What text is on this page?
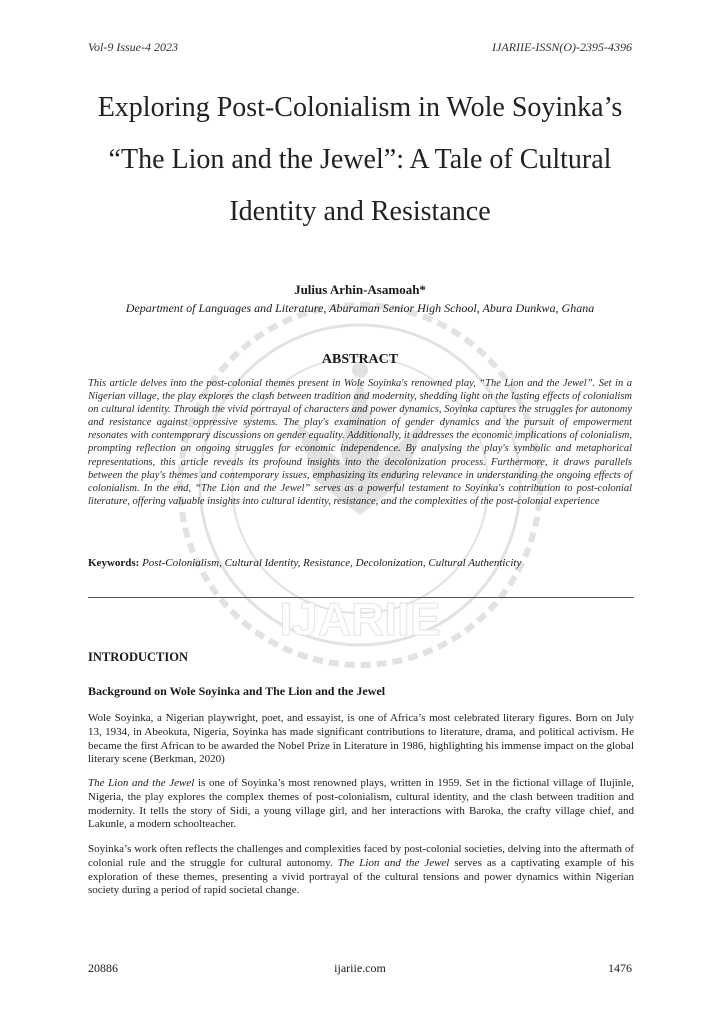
IJARIIE
Vol-9 Issue-4 2023	IJARIIE-ISSN(O)-2395-4396
Exploring Post-Colonialism in Wole Soyinka’s
“The Lion and the Jewel”: A Tale of Cultural
Identity and Resistance
Julius Arhin-Asamoah*
Department of Languages and Literature, Aburaman Senior High School, Abura Dunkwa, Ghana
ABSTRACT
This article delves into the post-colonial themes present in Wole Soyinka's renowned play, “The Lion and the Jewel”. Set in a Nigerian village, the play explores the clash between tradition and modernity, shedding light on the lasting effects of colonialism on cultural identity. Through the vivid portrayal of characters and power dynamics, Soyinka captures the struggles for autonomy and resistance against oppressive systems. The play's examination of gender dynamics and the pursuit of empowerment resonates with contemporary discussions on gender equality. Additionally, it addresses the economic implications of colonialism, prompting reflection on ongoing struggles for economic independence. By analysing the play's symbolic and metaphorical representations, this article reveals its profound insights into the decolonization process. Furthermore, it draws parallels between the play's themes and contemporary issues, emphasizing its enduring relevance in understanding the ongoing effects of colonialism. In the end, “The Lion and the Jewel” serves as a powerful testament to Soyinka's contribution to post-colonial literature, offering valuable insights into cultural identity, resistance, and the complexities of the post-colonial experience
Keywords: Post-Colonialism, Cultural Identity, Resistance, Decolonization, Cultural Authenticity
INTRODUCTION
Background on Wole Soyinka and The Lion and the Jewel
Wole Soyinka, a Nigerian playwright, poet, and essayist, is one of Africa’s most celebrated literary figures. Born on July 13, 1934, in Abeokuta, Nigeria, Soyinka has made significant contributions to literature, drama, and political activism. He became the first African to be awarded the Nobel Prize in Literature in 1986, highlighting his immense impact on the global literary scene (Berkman, 2020)
The Lion and the Jewel is one of Soyinka’s most renowned plays, written in 1959. Set in the fictional village of Ilujinle, Nigeria, the play explores the complex themes of post-colonialism, cultural identity, and the clash between tradition and modernity. It tells the story of Sidi, a young village girl, and her interactions with Baroka, the crafty village chief, and Lakunle, a modern schoolteacher.
Soyinka’s work often reflects the challenges and complexities faced by post-colonial societies, delving into the aftermath of colonial rule and the struggle for cultural autonomy. The Lion and the Jewel serves as a captivating example of his exploration of these themes, presenting a vivid portrayal of the cultural tensions and power dynamics within Nigerian society during a period of rapid societal change.
20886	ijariie.com	1476
